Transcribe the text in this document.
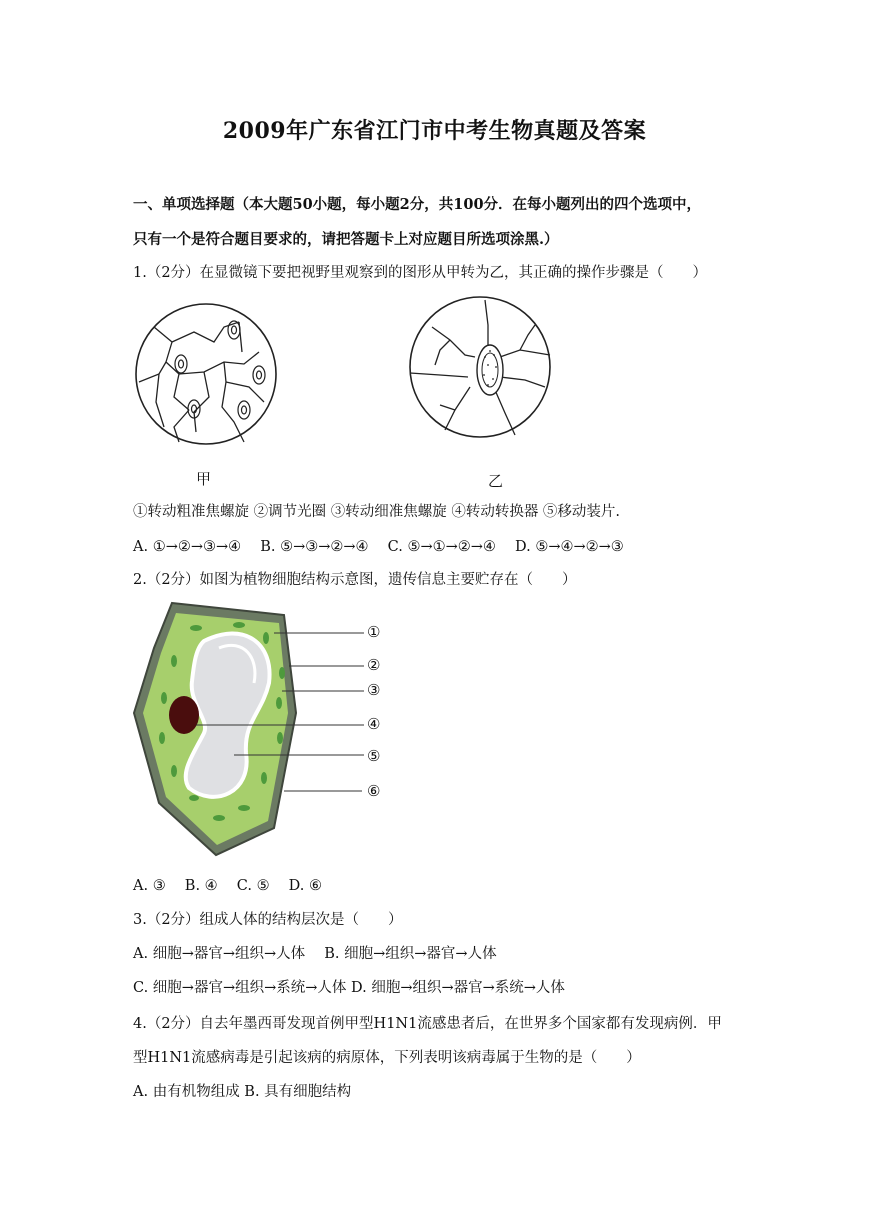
2009年广东省江门市中考生物真题及答案
一、单项选择题（本大题50小题，每小题2分，共100分．在每小题列出的四个选项中，
只有一个是符合题目要求的，请把答题卡上对应题目所选项涂黑.）
1.（2分）在显微镜下要把视野里观察到的图形从甲转为乙，其正确的操作步骤是（　　）
甲	乙
①转动粗准焦螺旋 ②调节光圈 ③转动细准焦螺旋 ④转动转换器 ⑤移动装片.
A. ①→②→③→④　 B. ⑤→③→②→④　 C. ⑤→①→②→④　 D. ⑤→④→②→③
2.（2分）如图为植物细胞结构示意图，遗传信息主要贮存在（　　）
①
②
③
④
⑤
⑥
A. ③　 B. ④　 C. ⑤　 D. ⑥
3.（2分）组成人体的结构层次是（　　）
A. 细胞→器官→组织→人体　 B. 细胞→组织→器官→人体
C. 细胞→器官→组织→系统→人体 D. 细胞→组织→器官→系统→人体
4.（2分）自去年墨西哥发现首例甲型H1N1流感患者后，在世界多个国家都有发现病例．甲
型H1N1流感病毒是引起该病的病原体，下列表明该病毒属于生物的是（　　）
A. 由有机物组成 B. 具有细胞结构
